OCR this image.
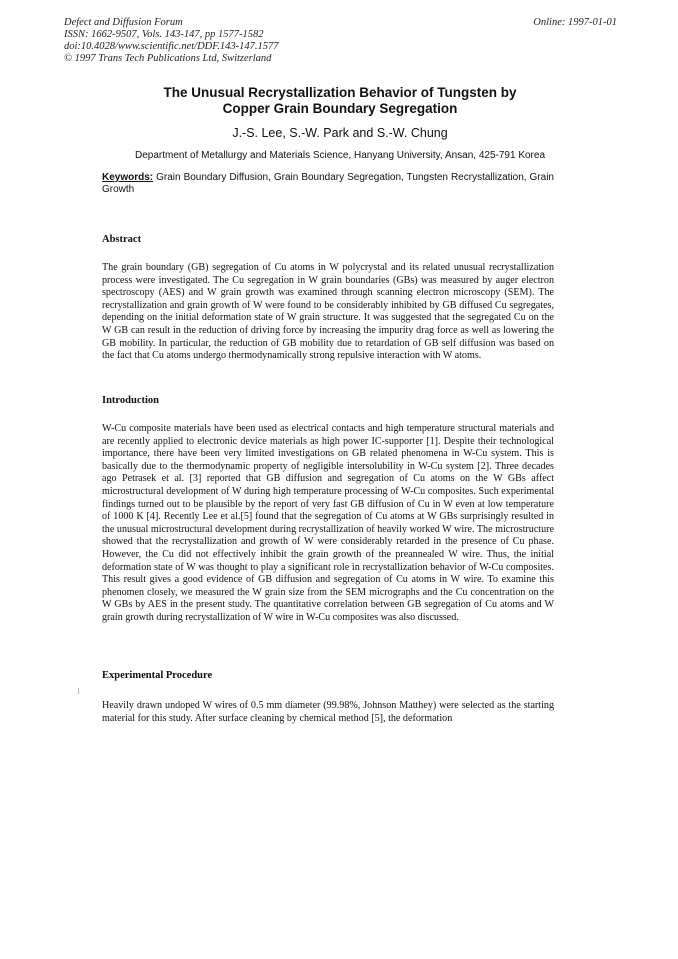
Defect and Diffusion Forum
ISSN: 1662-9507, Vols. 143-147, pp 1577-1582
doi:10.4028/www.scientific.net/DDF.143-147.1577
© 1997 Trans Tech Publications Ltd, Switzerland
Online: 1997-01-01
The Unusual Recrystallization Behavior of Tungsten by
Copper Grain Boundary Segregation
J.-S. Lee, S.-W. Park and S.-W. Chung
Department of Metallurgy and Materials Science, Hanyang University, Ansan, 425-791 Korea
Keywords: Grain Boundary Diffusion, Grain Boundary Segregation, Tungsten Recrystallization, Grain Growth
Abstract
The grain boundary (GB) segregation of Cu atoms in W polycrystal and its related unusual recrystallization process were investigated. The Cu segregation in W grain boundaries (GBs) was measured by auger electron spectroscopy (AES) and W grain growth was examined through scanning electron microscopy (SEM). The recrystallization and grain growth of W were found to be considerably inhibited by GB diffused Cu segregates, depending on the initial deformation state of W grain structure. It was suggested that the segregated Cu on the W GB can result in the reduction of driving force by increasing the impurity drag force as well as lowering the GB mobility. In particular, the reduction of GB mobility due to retardation of GB self diffusion was based on the fact that Cu atoms undergo thermodynamically strong repulsive interaction with W atoms.
Introduction
W-Cu composite materials have been used as electrical contacts and high temperature structural materials and are recently applied to electronic device materials as high power IC-supporter [1]. Despite their technological importance, there have been very limited investigations on GB related phenomena in W-Cu system. This is basically due to the thermodynamic property of negligible intersolubility in W-Cu system [2]. Three decades ago Petrasek et al. [3] reported that GB diffusion and segregation of Cu atoms on the W GBs affect microstructural development of W during high temperature processing of W-Cu composites. Such experimental findings turned out to be plausible by the report of very fast GB diffusion of Cu in W even at low temperature of 1000 K [4]. Recently Lee et al.[5] found that the segregation of Cu atoms at W GBs surprisingly resulted in the unusual microstructural development during recrystallization of heavily worked W wire. The microstructure showed that the recrystallization and growth of W were considerably retarded in the presence of Cu phase. However, the Cu did not effectively inhibit the grain growth of the preannealed W wire. Thus, the initial deformation state of W was thought to play a significant role in recrystallization behavior of W-Cu composites. This result gives a good evidence of GB diffusion and segregation of Cu atoms in W wire. To examine this phenomen closely, we measured the W grain size from the SEM micrographs and the Cu concentration on the W GBs by AES in the present study. The quantitative correlation between GB segregation of Cu atoms and W grain growth during recrystallization of W wire in W-Cu composites was also discussed.
Experimental Procedure
Heavily drawn undoped W wires of 0.5 mm diameter (99.98%, Johnson Matthey) were selected as the starting material for this study. After surface cleaning by chemical method [5], the deformation
